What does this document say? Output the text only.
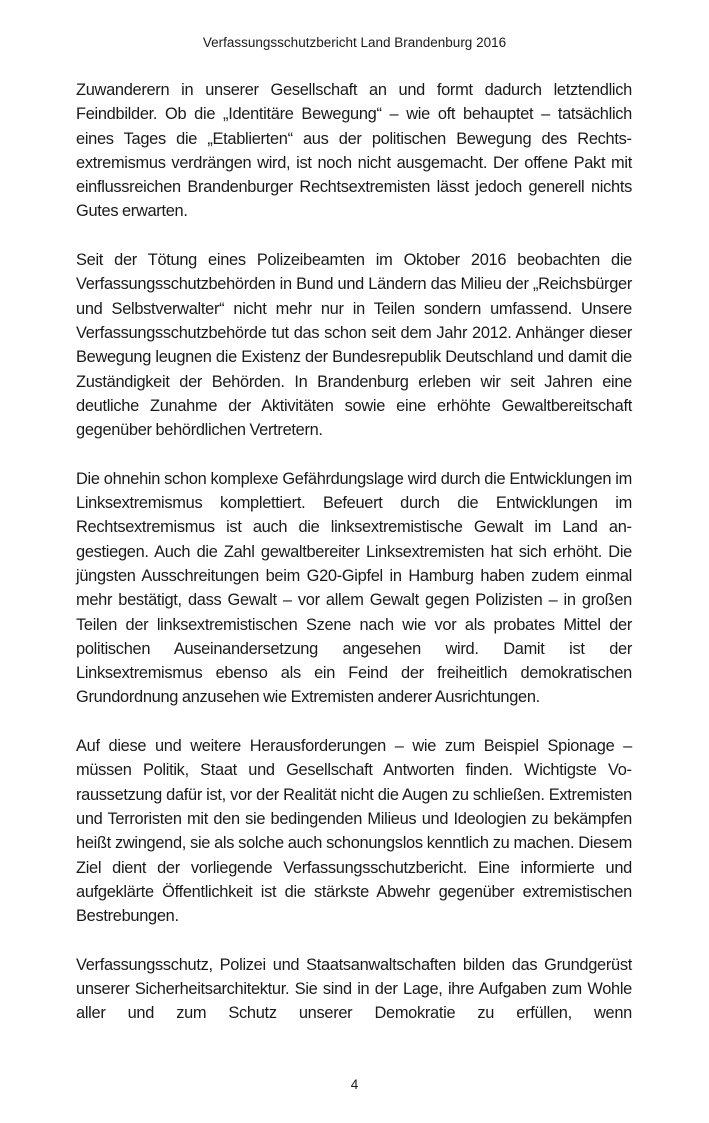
Verfassungsschutzbericht Land Brandenburg 2016

Zuwanderern in unserer Gesellschaft an und formt dadurch letztendlich Feindbilder. Ob die „Identitäre Bewegung“ – wie oft behauptet – tatsächlich eines Tages die „Etablierten“ aus der politischen Bewegung des Rechtsextremismus verdrängen wird, ist noch nicht ausgemacht. Der offene Pakt mit einflussreichen Brandenburger Rechtsextremisten lässt jedoch generell nichts Gutes erwarten.

Seit der Tötung eines Polizeibeamten im Oktober 2016 beobachten die Verfassungsschutzbehörden in Bund und Ländern das Milieu der „Reichsbürger und Selbstverwalter“ nicht mehr nur in Teilen sondern umfassend. Unsere Verfassungsschutzbehörde tut das schon seit dem Jahr 2012. Anhänger dieser Bewegung leugnen die Existenz der Bundesrepublik Deutschland und damit die Zuständigkeit der Behörden. In Brandenburg erleben wir seit Jahren eine deutliche Zunahme der Aktivitäten sowie eine erhöhte Gewaltbereitschaft gegenüber behördlichen Vertretern.

Die ohnehin schon komplexe Gefährdungslage wird durch die Entwicklungen im Linksextremismus komplettiert. Befeuert durch die Entwicklungen im Rechtsextremismus ist auch die linksextremistische Gewalt im Land angestiegen. Auch die Zahl gewaltbereiter Linksextremisten hat sich erhöht. Die jüngsten Ausschreitungen beim G20-Gipfel in Hamburg haben zudem einmal mehr bestätigt, dass Gewalt – vor allem Gewalt gegen Polizisten – in großen Teilen der linksextremistischen Szene nach wie vor als probates Mittel der politischen Auseinandersetzung angesehen wird. Damit ist der Linksextremismus ebenso als ein Feind der freiheitlich demokratischen Grundordnung anzusehen wie Extremisten anderer Ausrichtungen.

Auf diese und weitere Herausforderungen – wie zum Beispiel Spionage – müssen Politik, Staat und Gesellschaft Antworten finden. Wichtigste Voraussetzung dafür ist, vor der Realität nicht die Augen zu schließen. Extremisten und Terroristen mit den sie bedingenden Milieus und Ideologien zu bekämpfen heißt zwingend, sie als solche auch schonungslos kenntlich zu machen. Diesem Ziel dient der vorliegende Verfassungsschutzbericht. Eine informierte und aufgeklärte Öffentlichkeit ist die stärkste Abwehr gegenüber extremistischen Bestrebungen.

Verfassungsschutz, Polizei und Staatsanwaltschaften bilden das Grundgerüst unserer Sicherheitsarchitektur. Sie sind in der Lage, ihre Aufgaben zum Wohle aller und zum Schutz unserer Demokratie zu erfüllen, wenn

4
